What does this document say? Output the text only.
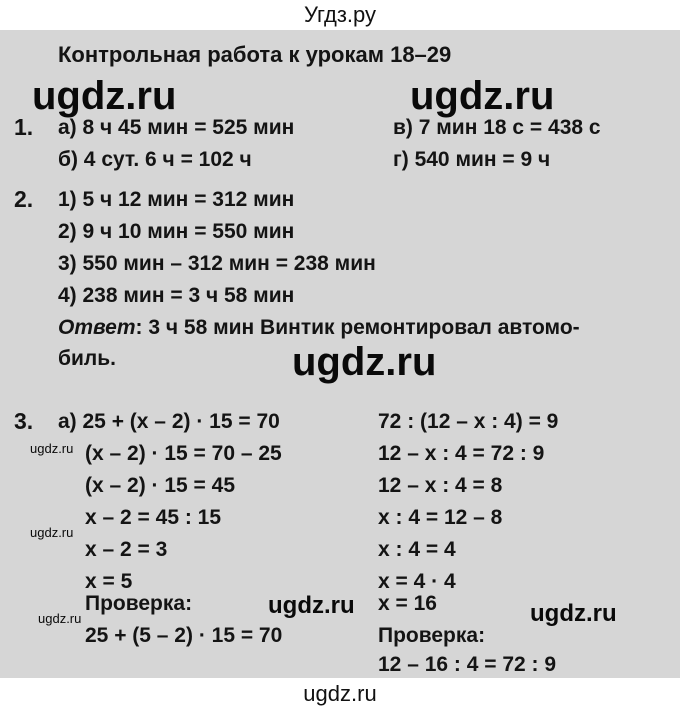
Угдз.ру
Контрольная работа к урокам 18–29
ugdz.ru	ugdz.ru
1. а) 8 ч 45 мин = 525 мин
б) 4 сут. 6 ч = 102 ч
в) 7 мин 18 с = 438 с
г) 540 мин = 9 ч
2. 1) 5 ч 12 мин = 312 мин
2) 9 ч 10 мин = 550 мин
3) 550 мин – 312 мин = 238 мин
4) 238 мин = 3 ч 58 мин
Ответ: 3 ч 58 мин Винтик ремонтировал автомо-
биль.	ugdz.ru
3. а) 25 + (x – 2) · 15 = 70
(x – 2) · 15 = 70 – 25
(x – 2) · 15 = 45
x – 2 = 45 : 15
x – 2 = 3
x = 5
Проверка:
25 + (5 – 2) · 15 = 70
72 : (12 – x : 4) = 9
12 – x : 4 = 72 : 9
12 – x : 4 = 8
x : 4 = 12 – 8
x : 4 = 4
x = 4 · 4
x = 16
Проверка:
12 – 16 : 4 = 72 : 9
ugdz.ru
ugdz.ru
ugdz.ru	ugdz.ru	ugdz.ru
ugdz.ru
